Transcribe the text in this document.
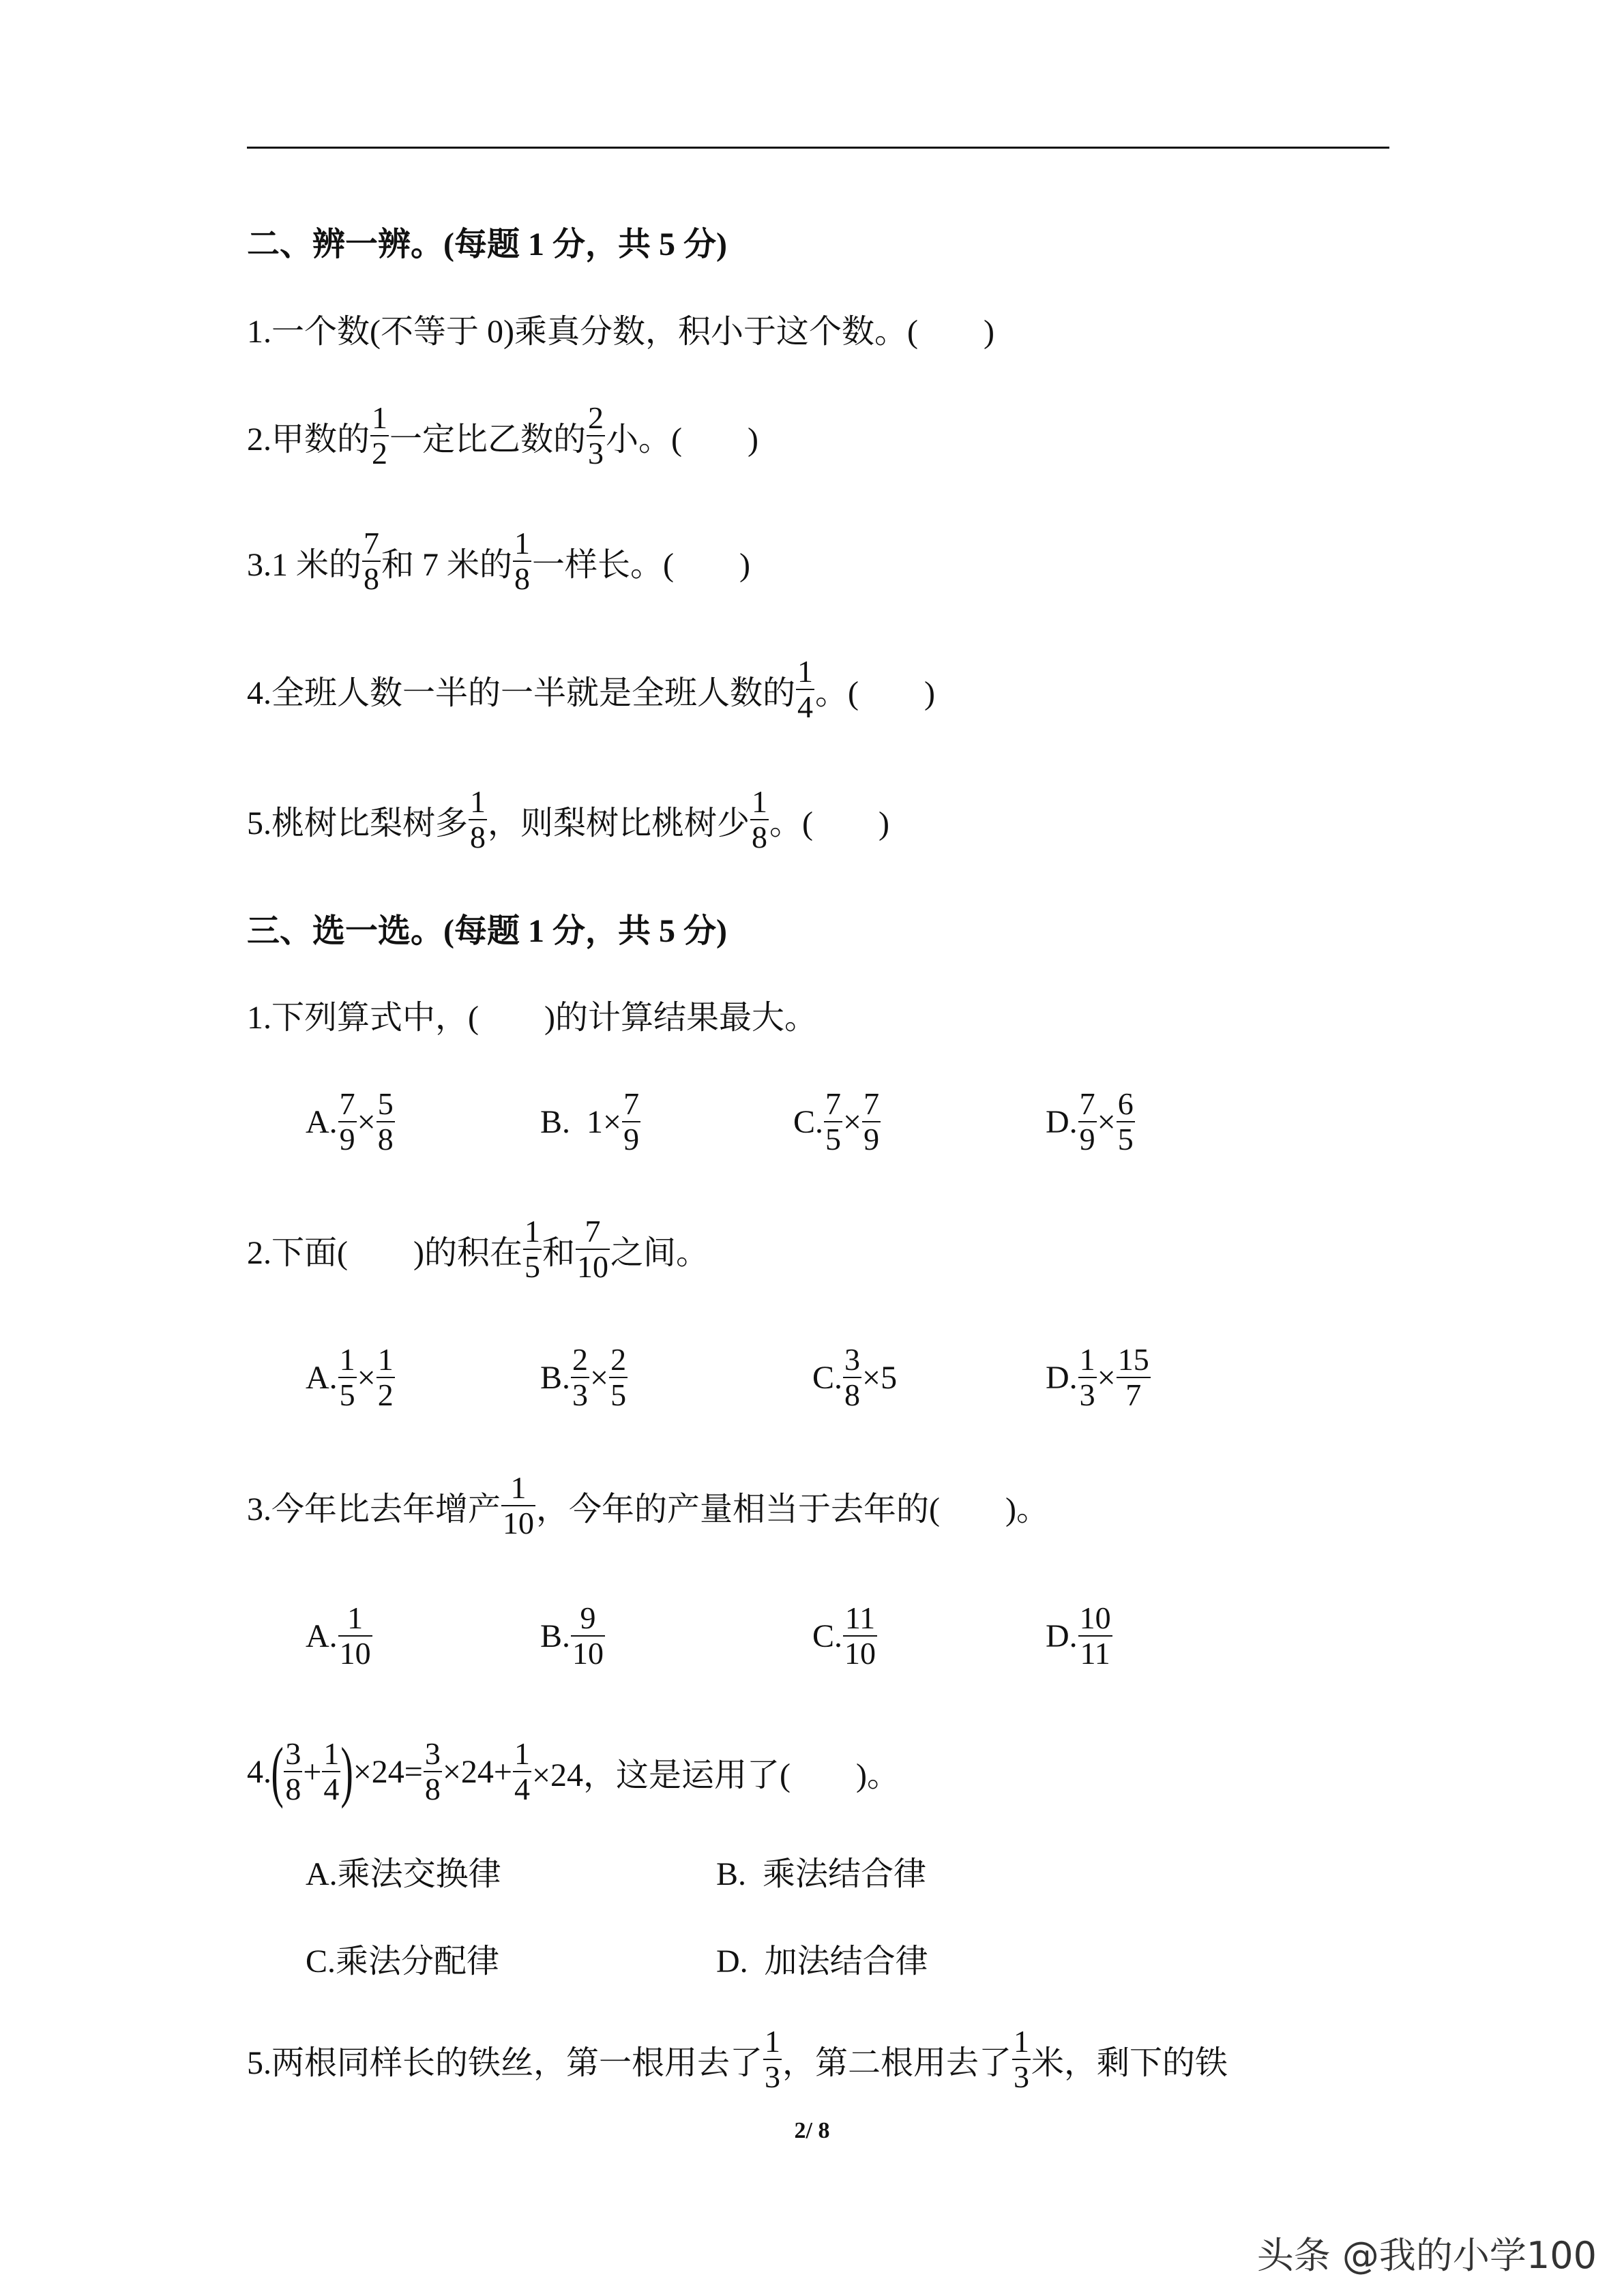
二、辨一辨。(每题 1 分，共 5 分)
1.一个数(不等于 0)乘真分数，积小于这个数。(　　)
2.甲数的 $\frac{1}{2}$ 一定比乙数的 $\frac{2}{3}$ 小。(　　)
3.1 米的 $\frac{7}{8}$ 和 7 米的 $\frac{1}{8}$ 一样长。(　　)
4.全班人数一半的一半就是全班人数的 $\frac{1}{4}$ 。(　　)
5.桃树比梨树多 $\frac{1}{8}$ ，则梨树比桃树少 $\frac{1}{8}$ 。(　　)
三、选一选。(每题 1 分，共 5 分)
1.下列算式中，(　　)的计算结果最大。
A. $\frac{7}{9} \times \frac{5}{8}$	B.  $1\times \frac{7}{9}$	C. $\frac{7}{5} \times \frac{7}{9}$	D. $\frac{7}{9} \times \frac{6}{5}$
2.下面(　　)的积在 $\frac{1}{5}$ 和 $\frac{7}{10}$ 之间。
A. $\frac{1}{5} \times \frac{1}{2}$	B. $\frac{2}{3} \times \frac{2}{5}$	C. $\frac{3}{8} \times 5$	D. $\frac{1}{3} \times \frac{15}{7}$
3.今年比去年增产 $\frac{1}{10}$ ，今年的产量相当于去年的(　　)。
A. $\frac{1}{10}$	B. $\frac{9}{10}$	C. $\frac{11}{10}$	D. $\frac{10}{11}$
4. ( $\frac{3}{8} + \frac{1}{4}$ ) $\times 24= \frac{3}{8} \times 24+ \frac{1}{4} \times 24$，这是运用了(　　)。
A.乘法交换律	B.  乘法结合律
C.乘法分配律	D.  加法结合律
5.两根同样长的铁丝，第一根用去了 $\frac{1}{3}$ ，第二根用去了 $\frac{1}{3}$ 米，剩下的铁
2/ 8
头条 @我的小学100
